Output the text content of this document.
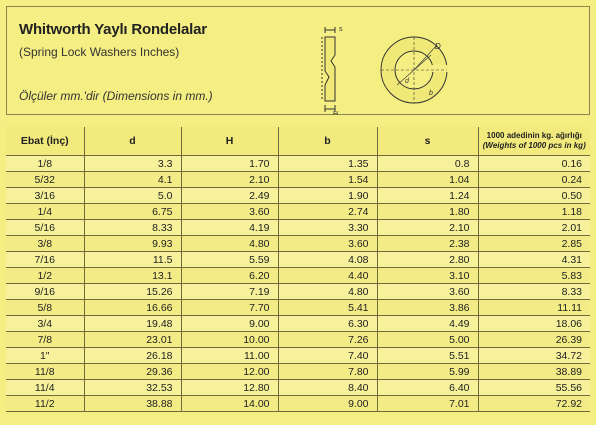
Whitworth Yaylı Rondelalar
(Spring Lock Washers Inches)
Ölçüler mm.'dir (Dimensions in mm.)
s
H
D
d
b
Ebat (İnç)	d	H	b	s	1000 adedinin kg. ağırlığı
(Weights of 1000 pcs in kg)

1/8	3.3	1.70	1.35	0.8	0.16
5/32	4.1	2.10	1.54	1.04	0.24
3/16	5.0	2.49	1.90	1.24	0.50
1/4	6.75	3.60	2.74	1.80	1.18
5/16	8.33	4.19	3.30	2.10	2.01
3/8	9.93	4.80	3.60	2.38	2.85
7/16	11.5	5.59	4.08	2.80	4.31
1/2	13.1	6.20	4.40	3.10	5.83
9/16	15.26	7.19	4.80	3.60	8.33
5/8	16.66	7.70	5.41	3.86	11.11
3/4	19.48	9.00	6.30	4.49	18.06
7/8	23.01	10.00	7.26	5.00	26.39
1"	26.18	11.00	7.40	5.51	34.72
11/8	29.36	12.00	7.80	5.99	38.89
11/4	32.53	12.80	8.40	6.40	55.56
11/2	38.88	14.00	9.00	7.01	72.92
